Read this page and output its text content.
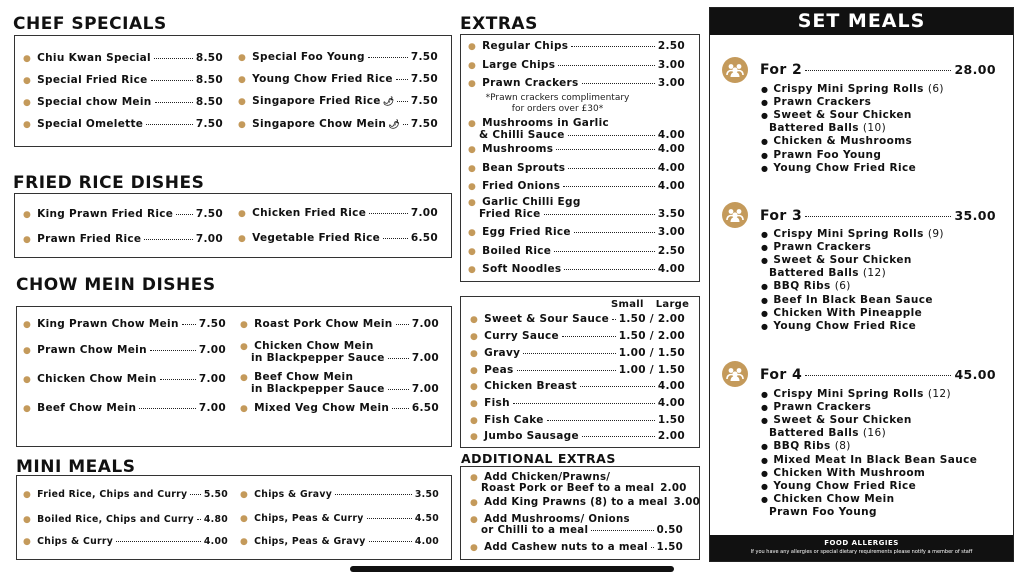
CHEF SPECIALS
FRIED RICE DISHES
CHOW MEIN DISHES
MINI MEALS
EXTRAS
*Prawn crackers complimentary
for orders over £30*
Small Large
ADDITIONAL EXTRAS
SET MEALS
FOOD ALLERGIES
If you have any allergies or special dietary requirements please notify a member of staff
● Chiu Kwan Special	8.50
● Special Fried Rice	8.50
● Special chow Mein	8.50
● Special Omelette	7.50
● Special Foo Young	7.50
● Young Chow Fried Rice 7.50
● Singapore Fried Rice 🌶 7.50
● Singapore Chow Mein 🌶 7.50
● King Prawn Fried Rice 7.50
● Prawn Fried Rice	7.00
● Chicken Fried Rice	7.00
● Vegetable Fried Rice	6.50
● King Prawn Chow Mein 7.50
● Prawn Chow Mein	7.00
● Chicken Chow Mein	7.00
● Beef Chow Mein	7.00
● Roast Pork Chow Mein 7.00
● Chicken Chow Mein
in Blackpepper Sauce	7.00
● Beef Chow Mein
in Blackpepper Sauce	7.00
● Mixed Veg Chow Mein 6.50
● Fried Rice, Chips and Curry 5.50
● Boiled Rice, Chips and Curry 4.80
● Chips & Curry	4.00
● Chips & Gravy	3.50
● Chips, Peas & Curry	4.50
● Chips, Peas & Gravy	4.00
● Regular Chips	2.50
● Large Chips	3.00
● Prawn Crackers	3.00
● Mushrooms in Garlic
& Chilli Sauce	4.00
● Mushrooms	4.00
● Bean Sprouts	4.00
● Fried Onions	4.00
● Garlic Chilli Egg
Fried Rice	3.50
● Egg Fried Rice	3.00
● Boiled Rice	2.50
● Soft Noodles	4.00
● Sweet & Sour Sauce 1.50 / 2.00
● Curry Sauce	1.50 / 2.00
● Gravy	1.00 / 1.50
● Peas	1.00 / 1.50
● Chicken Breast	4.00
● Fish	4.00
● Fish Cake	1.50
● Jumbo Sausage	2.00
● Add Chicken/Prawns/
Roast Pork or Beef to a meal 2.00
● Add King Prawns (8) to a meal 3.00
● Add Mushrooms/ Onions
or Chilli to a meal	0.50
● Add Cashew nuts to a meal 1.50
For 2	28.00
● Crispy Mini Spring Rolls (6)
● Prawn Crackers
● Sweet & Sour Chicken
Battered Balls (10)
● Chicken & Mushrooms
● Prawn Foo Young
● Young Chow Fried Rice
For 3	35.00
● Crispy Mini Spring Rolls (9)
● Prawn Crackers
● Sweet & Sour Chicken
Battered Balls (12)
● BBQ Ribs (6)
● Beef In Black Bean Sauce
● Chicken With Pineapple
● Young Chow Fried Rice
For 4	45.00
● Crispy Mini Spring Rolls (12)
● Prawn Crackers
● Sweet & Sour Chicken
Battered Balls (16)
● BBQ Ribs (8)
● Mixed Meat In Black Bean Sauce
● Chicken With Mushroom
● Young Chow Fried Rice
● Chicken Chow Mein
Prawn Foo Young
